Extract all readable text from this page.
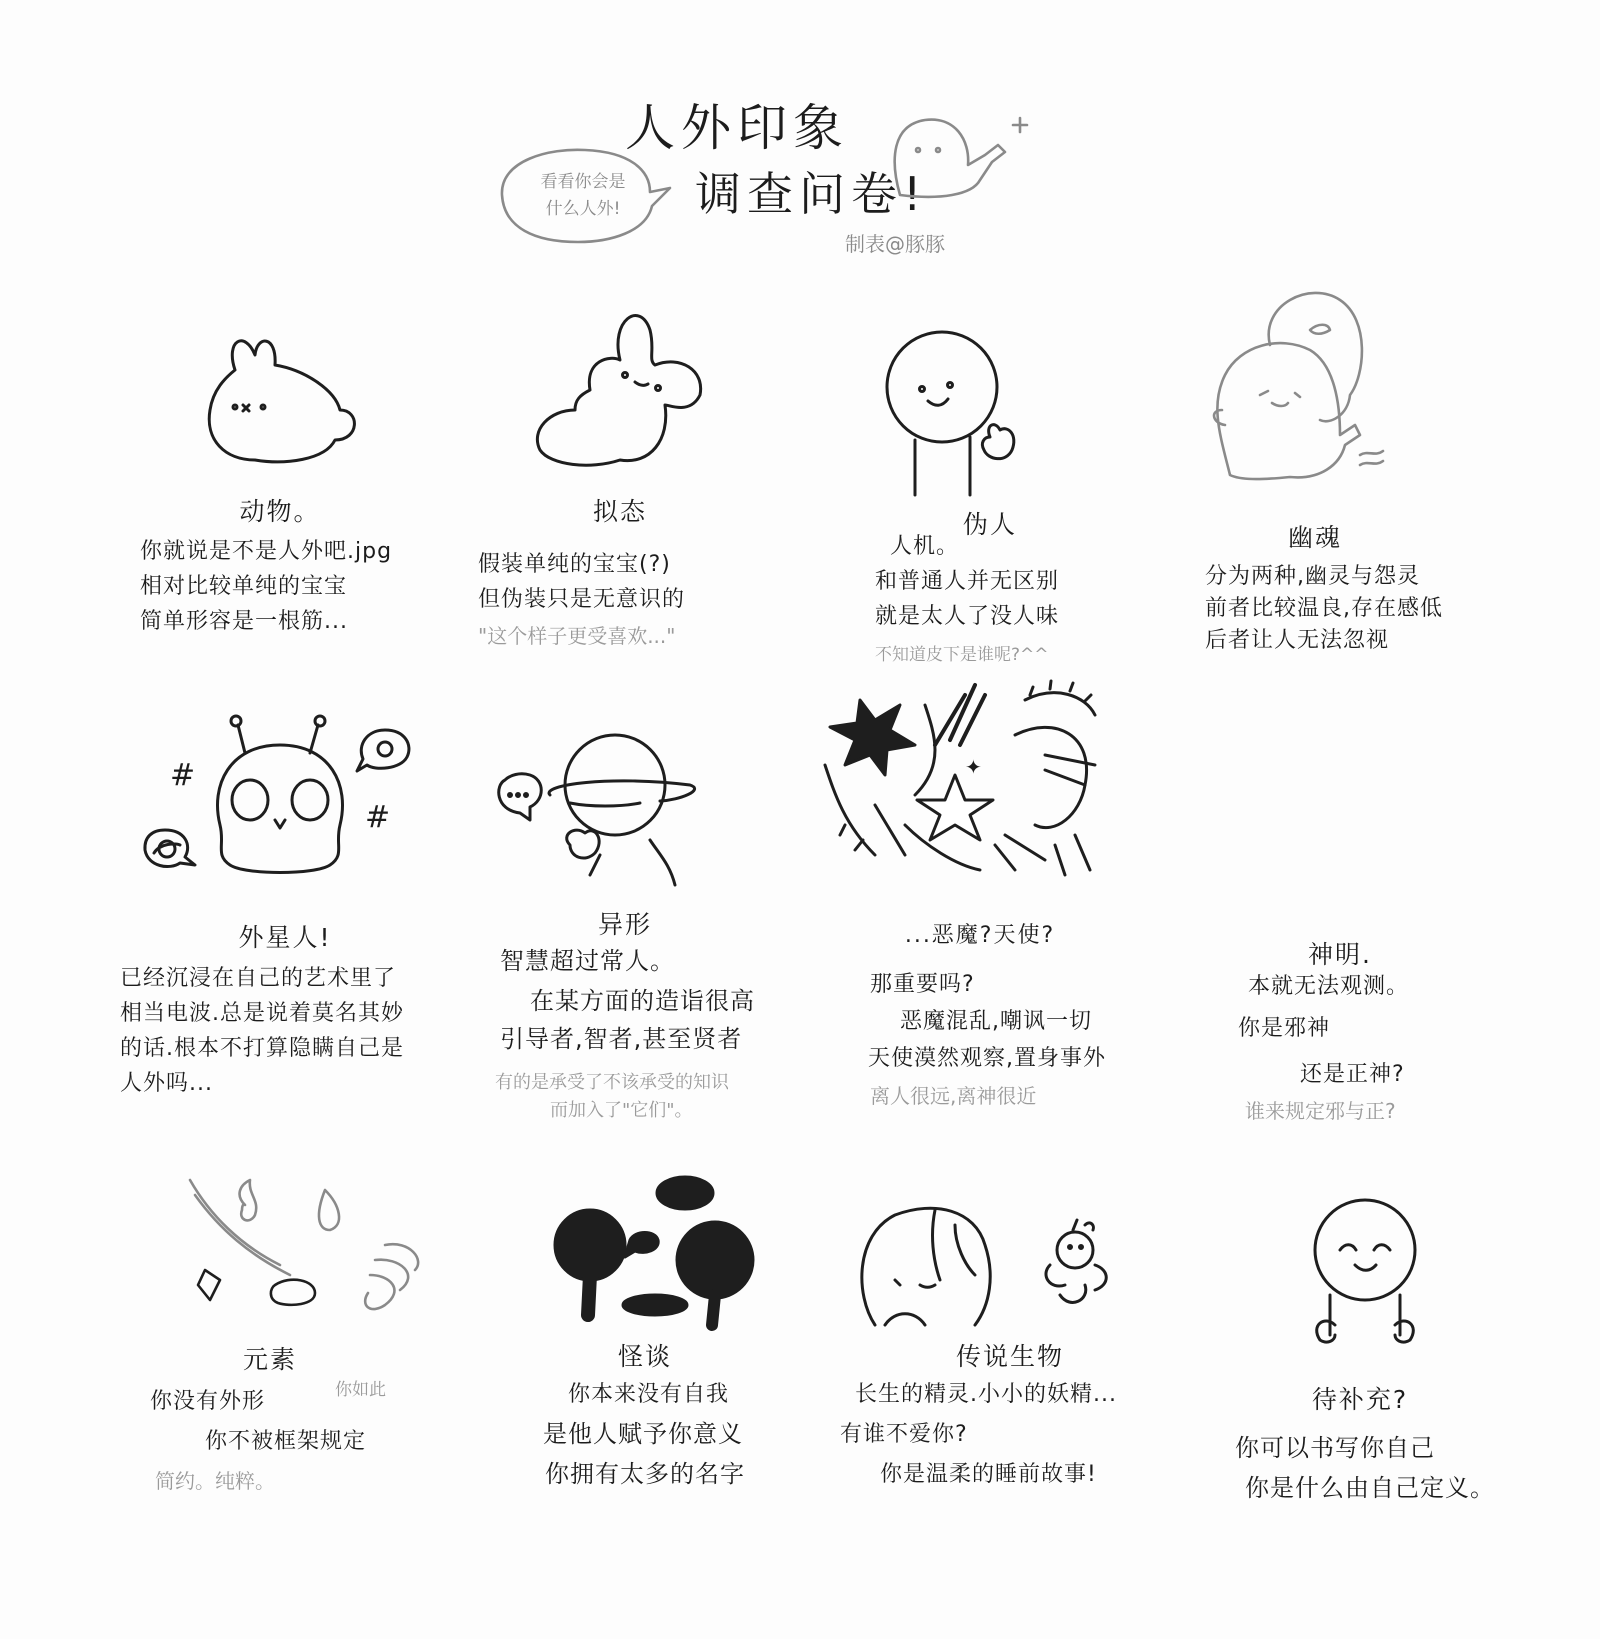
人外印象
调查问卷!
制表@豚豚
看看你会是
什么人外!
动物。
你就说是不是人外吧.jpg
相对比较单纯的宝宝
简单形容是一根筋...
拟态
假装单纯的宝宝(?)
但伪装只是无意识的
"这个样子更受喜欢..."
伪人
人机。
和普通人并无区别
就是太人了没人味
不知道皮下是谁呢?^^
幽魂
分为两种,幽灵与怨灵
前者比较温良,存在感低
后者让人无法忽视
#
#
外星人!
已经沉浸在自己的艺术里了
相当电波.总是说着莫名其妙
的话.根本不打算隐瞒自己是
人外吗...
异形
智慧超过常人。
在某方面的造诣很高
引导者,智者,甚至贤者
有的是承受了不该承受的知识
而加入了"它们"。
✦
...恶魔?天使?
那重要吗?
恶魔混乱,嘲讽一切
天使漠然观察,置身事外
离人很远,离神很近
神明.
本就无法观测。
你是邪神
还是正神?
谁来规定邪与正?
元素
你如此
你没有外形
你不被框架规定
简约。纯粹。
怪谈
你本来没有自我
是他人赋予你意义
你拥有太多的名字
传说生物
长生的精灵.小小的妖精...
有谁不爱你?
你是温柔的睡前故事!
待补充?
你可以书写你自己
你是什么由自己定义。
